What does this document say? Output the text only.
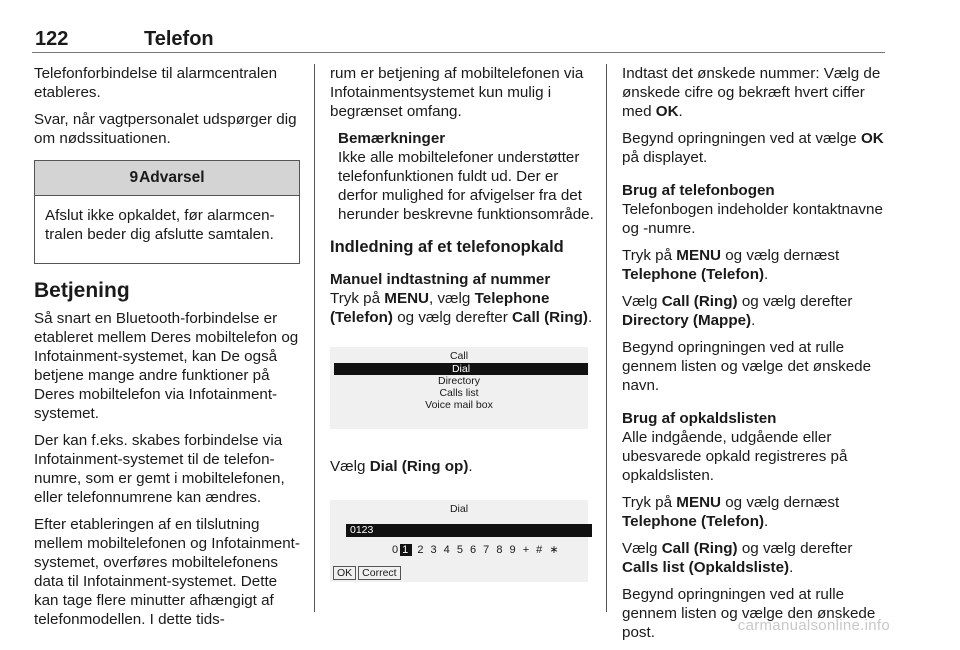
122	Telefon

Telefonforbindelse til alarmcentralen etableres.

Svar, når vagtpersonalet udspørger dig om nødssituationen.

9Advarsel

Afslut ikke opkaldet, før alarmcentralen beder dig afslutte samtalen.

Betjening

Så snart en Bluetooth-forbindelse er etableret mellem Deres mobiltelefon og Infotainment-systemet, kan De også betjene mange andre funktioner på Deres mobiltelefon via Infotainment-systemet.

Der kan f.eks. skabes forbindelse via Infotainment-systemet til de telefonnumre, som er gemt i mobiltelefonen, eller telefonnumrene kan ændres.

Efter etableringen af en tilslutning mellem mobiltelefonen og Infotainment-systemet, overføres mobiltelefonens data til Infotainment-systemet. Dette kan tage flere minutter afhængigt af telefonmodellen. I dette tids-

rum er betjening af mobiltelefonen via Infotainmentsystemet kun mulig i begrænset omfang.

Bemærkninger
Ikke alle mobiltelefoner understøtter telefonfunktionen fuldt ud. Der er derfor mulighed for afvigelser fra det herunder beskrevne funktionsområde.
Indledning af et telefonopkald
Manuel indtastning af nummer

Tryk på MENU, vælg Telephone (Telefon) og vælg derefter Call (Ring).

Call
Dial
Directory
Calls list
Voice mail box

Vælg Dial (Ring op).

Dial
0123
0 1 2 3 4 5 6 7 8 9 + # ∗
OK Correct

Indtast det ønskede nummer: Vælg de ønskede cifre og bekræft hvert ciffer med OK.

Begynd opringningen ved at vælge OK på displayet.

Brug af telefonbogen

Telefonbogen indeholder kontaktnavne og -numre.

Tryk på MENU og vælg dernæst Telephone (Telefon).

Vælg Call (Ring) og vælg derefter Directory (Mappe).

Begynd opringningen ved at rulle gennem listen og vælge det ønskede navn.

Brug af opkaldslisten

Alle indgående, udgående eller ubesvarede opkald registreres på opkaldslisten.

Tryk på MENU og vælg dernæst Telephone (Telefon).

Vælg Call (Ring) og vælg derefter Calls list (Opkaldsliste).

Begynd opringningen ved at rulle gennem listen og vælge den ønskede post.	carmanualsonline.info
